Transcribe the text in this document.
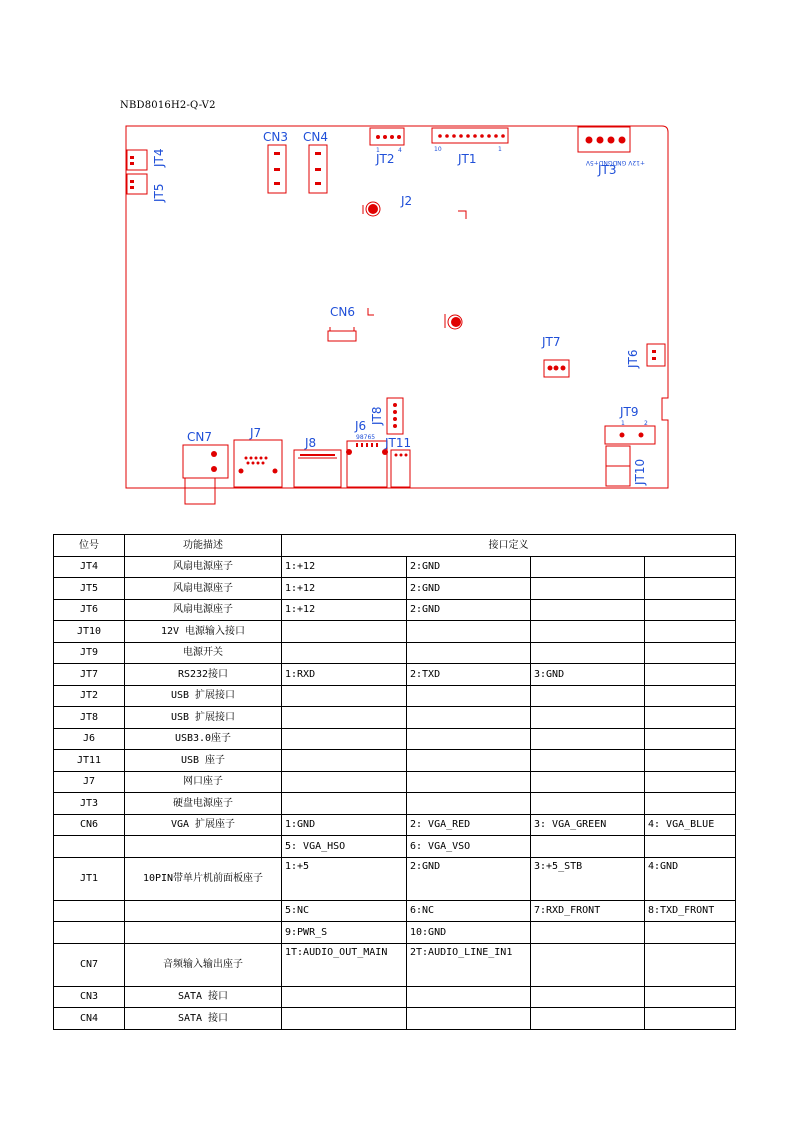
NBD8016H2-Q-V2
JT4
JT5
CN3 CN4
1	4
JT2
10	1
JT1	+12V GNDGND+5V
JT3
J2
CN6
JT7
JT6
JT8	JT9
1	2
JT10
CN7	J7
J8
J6
98765 JT11
位号	功能描述	接口定义			
JT4	风扇电源座子	1:+12	2:GND		
JT5	风扇电源座子	1:+12	2:GND		
JT6	风扇电源座子	1:+12	2:GND		
JT10	12V 电源输入接口				
JT9	电源开关				
JT7	RS232接口	1:RXD	2:TXD	3:GND	
JT2	USB 扩展接口				
JT8	USB 扩展接口				
J6	USB3.0座子				
JT11	USB 座子				
J7	网口座子				
JT3	硬盘电源座子				
CN6	VGA 扩展座子	1:GND	2: VGA_RED	3: VGA_GREEN	4: VGA_BLUE
		5: VGA_HSO	6: VGA_VSO		
JT1	10PIN带单片机前面板座子	1:+5	2:GND	3:+5_STB	4:GND
		5:NC	6:NC	7:RXD_FRONT	8:TXD_FRONT
		9:PWR_S	10:GND		
CN7	音频输入输出座子	1T:AUDIO_OUT_MAIN	2T:AUDIO_LINE_IN1		
CN3	SATA 接口				
CN4	SATA 接口				
